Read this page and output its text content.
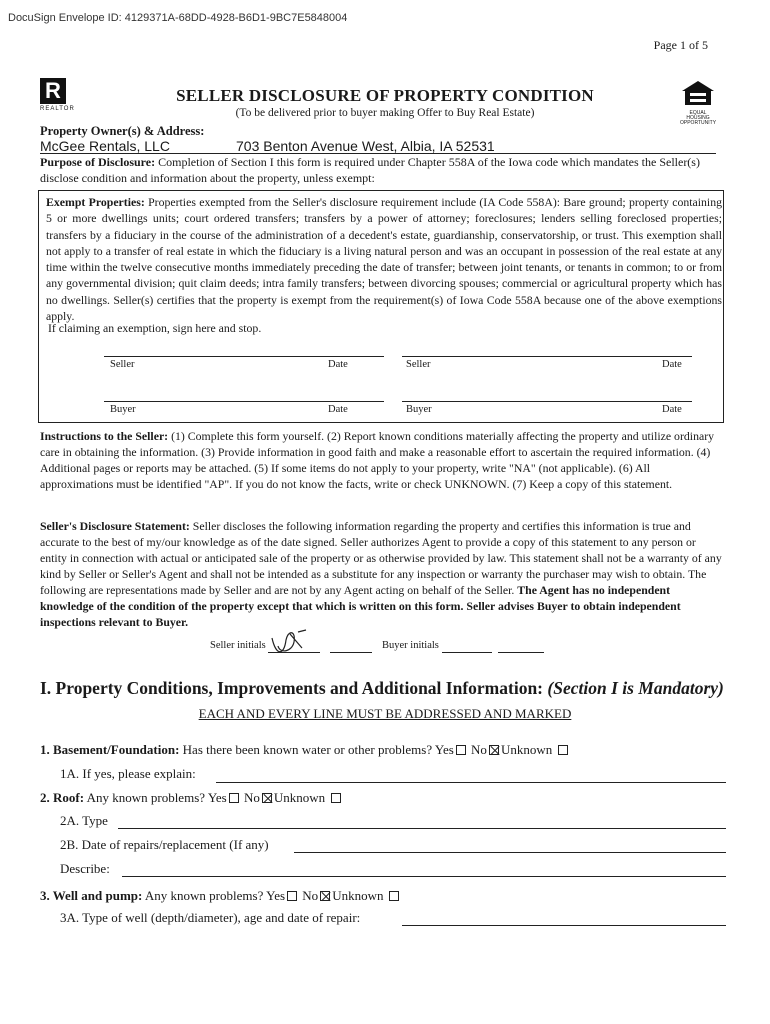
DocuSign Envelope ID: 4129371A-68DD-4928-B6D1-9BC7E5848004
Page 1 of 5
R
REALTOR
EQUAL HOUSING OPPORTUNITY
SELLER DISCLOSURE OF PROPERTY CONDITION
(To be delivered prior to buyer making Offer to Buy Real Estate)
Property Owner(s) & Address:
McGee Rentals, LLC	703 Benton Avenue West, Albia, IA 52531
Purpose of Disclosure: Completion of Section I this form is required under Chapter 558A of the Iowa code which mandates the Seller(s) disclose condition and information about the property, unless exempt:
Exempt Properties: Properties exempted from the Seller's disclosure requirement include (IA Code 558A): Bare ground; property containing 5 or more dwellings units; court ordered transfers; transfers by a power of attorney; foreclosures; lenders selling foreclosed properties; transfers by a fiduciary in the course of the administration of a decedent's estate, guardianship, conservatorship, or trust. This exemption shall not apply to a transfer of real estate in which the fiduciary is a living natural person and was an occupant in possession of the real estate at any time within the twelve consecutive months immediately preceding the date of transfer; between joint tenants, or tenants in common; to or from any governmental division; quit claim deeds; intra family transfers; between divorcing spouses; commercial or agricultural property which has no dwellings. Seller(s) certifies that the property is exempt from the requirement(s) of Iowa Code 558A because one of the above exemptions apply.
If claiming an exemption, sign here and stop.
Seller	Date	Seller	Date
Buyer	Date	Buyer	Date
Instructions to the Seller: (1) Complete this form yourself. (2) Report known conditions materially affecting the property and utilize ordinary care in obtaining the information. (3) Provide information in good faith and make a reasonable effort to ascertain the required information. (4) Additional pages or reports may be attached. (5) If some items do not apply to your property, write "NA" (not applicable). (6) All approximations must be identified "AP". If you do not know the facts, write or check UNKNOWN. (7) Keep a copy of this statement.
Seller's Disclosure Statement: Seller discloses the following information regarding the property and certifies this information is true and accurate to the best of my/our knowledge as of the date signed. Seller authorizes Agent to provide a copy of this statement to any person or entity in connection with actual or anticipated sale of the property or as otherwise provided by law. This statement shall not be a warranty of any kind by Seller or Seller's Agent and shall not be intended as a substitute for any inspection or warranty the purchaser may wish to obtain. The following are representations made by Seller and are not by any Agent acting on behalf of the Seller. The Agent has no independent knowledge of the condition of the property except that which is written on this form. Seller advises Buyer to obtain independent inspections relevant to Buyer.
Seller initials	Buyer initials
I. Property Conditions, Improvements and Additional Information: (Section I is Mandatory)
EACH AND EVERY LINE MUST BE ADDRESSED AND MARKED
1. Basement/Foundation: Has there been known water or other problems? Yes No Unknown
1A. If yes, please explain:
2. Roof: Any known problems? Yes No Unknown
2A. Type
2B. Date of repairs/replacement (If any)
Describe:
3. Well and pump: Any known problems? Yes No Unknown
3A. Type of well (depth/diameter), age and date of repair:
